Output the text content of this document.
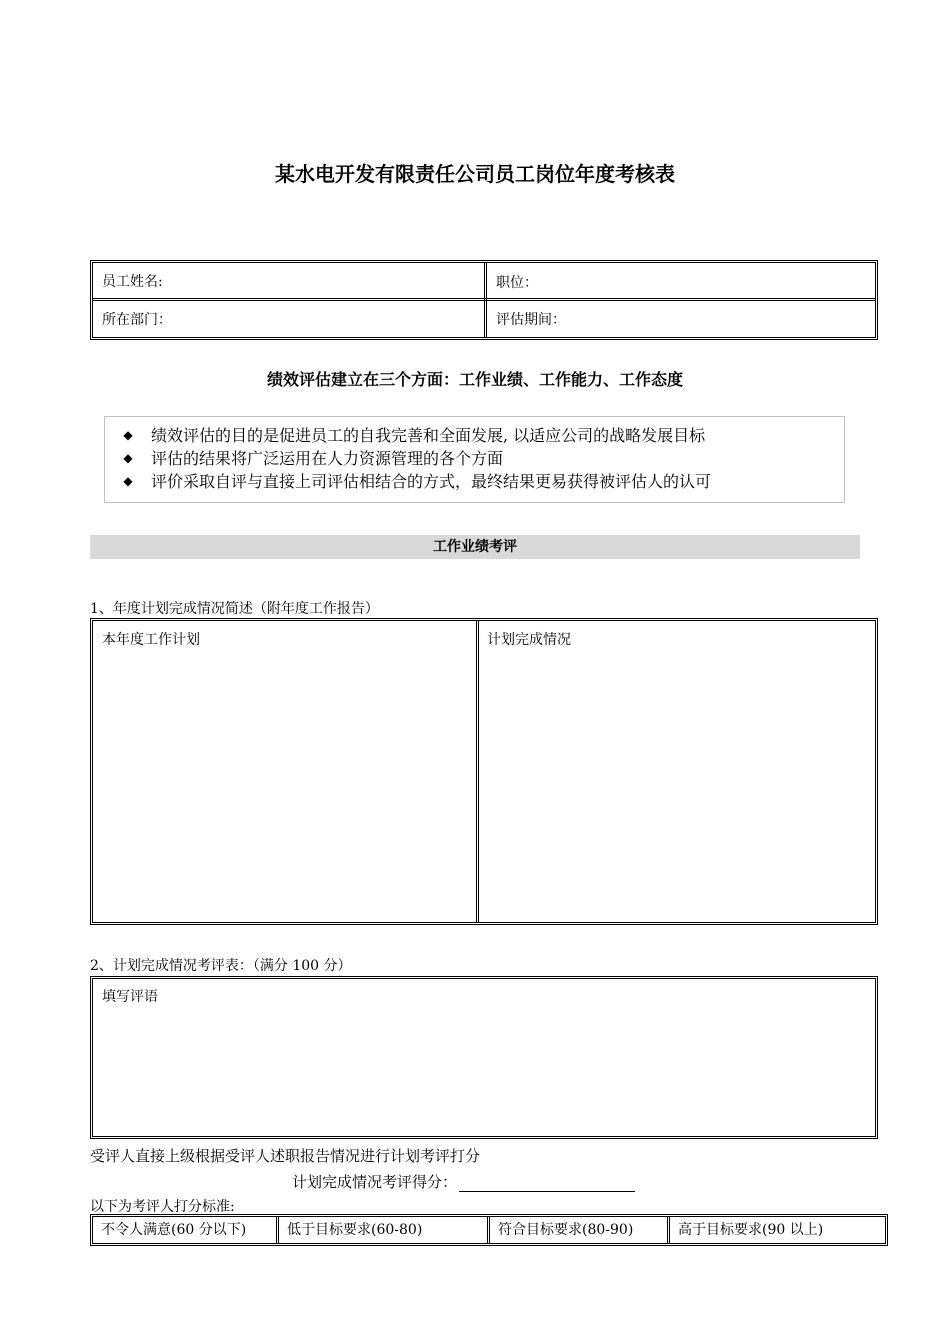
某水电开发有限责任公司员工岗位年度考核表
员工姓名:	职位：
所在部门：	评估期间：
绩效评估建立在三个方面：工作业绩、工作能力、工作态度
◆	绩效评估的目的是促进员工的自我完善和全面发展, 以适应公司的战略发展目标
◆	评估的结果将广泛运用在人力资源管理的各个方面
◆	评价采取自评与直接上司评估相结合的方式，最终结果更易获得被评估人的认可
工作业绩考评
1、年度计划完成情况简述（附年度工作报告）
本年度工作计划	计划完成情况
2、计划完成情况考评表：（满分 100 分）
填写评语
受评人直接上级根据受评人述职报告情况进行计划考评打分
计划完成情况考评得分：
以下为考评人打分标准:
不令人满意(60 分以下)	低于目标要求(60-80)	符合目标要求(80-90)	高于目标要求(90 以上)
